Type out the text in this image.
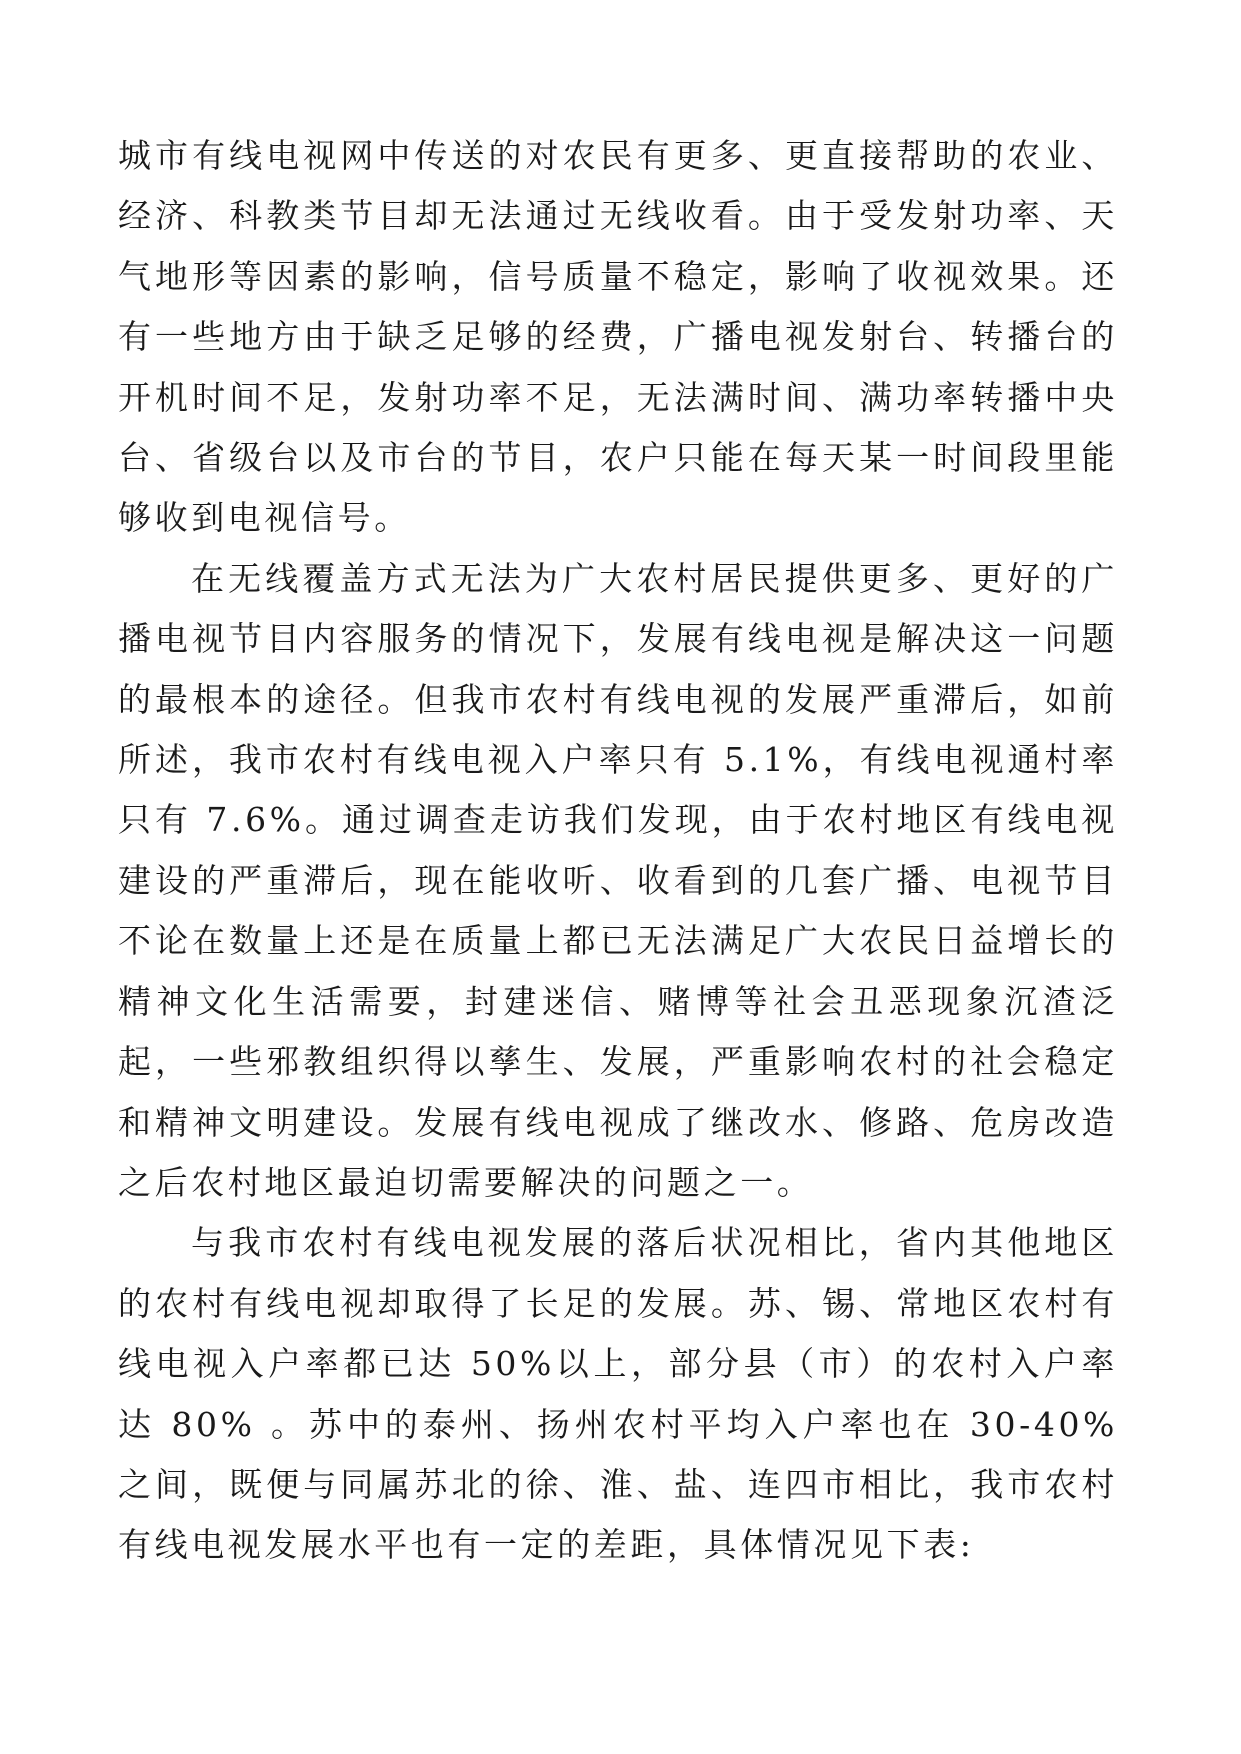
城市有线电视网中传送的对农民有更多、更直接帮助的农业、经济、科教类节目却无法通过无线收看。由于受发射功率、天气地形等因素的影响，信号质量不稳定，影响了收视效果。还有一些地方由于缺乏足够的经费，广播电视发射台、转播台的开机时间不足，发射功率不足，无法满时间、满功率转播中央台、省级台以及市台的节目，农户只能在每天某一时间段里能够收到电视信号。

在无线覆盖方式无法为广大农村居民提供更多、更好的广播电视节目内容服务的情况下，发展有线电视是解决这一问题的最根本的途径。但我市农村有线电视的发展严重滞后，如前所述，我市农村有线电视入户率只有 5.1%，有线电视通村率只有 7.6%。通过调查走访我们发现，由于农村地区有线电视建设的严重滞后，现在能收听、收看到的几套广播、电视节目不论在数量上还是在质量上都已无法满足广大农民日益增长的精神文化生活需要，封建迷信、赌博等社会丑恶现象沉渣泛起，一些邪教组织得以孳生、发展，严重影响农村的社会稳定和精神文明建设。发展有线电视成了继改水、修路、危房改造之后农村地区最迫切需要解决的问题之一。

与我市农村有线电视发展的落后状况相比，省内其他地区的农村有线电视却取得了长足的发展。苏、锡、常地区农村有线电视入户率都已达 50%以上，部分县（市）的农村入户率达 80% 。苏中的泰州、扬州农村平均入户率也在 30-40%之间，既便与同属苏北的徐、淮、盐、连四市相比，我市农村有线电视发展水平也有一定的差距，具体情况见下表:
